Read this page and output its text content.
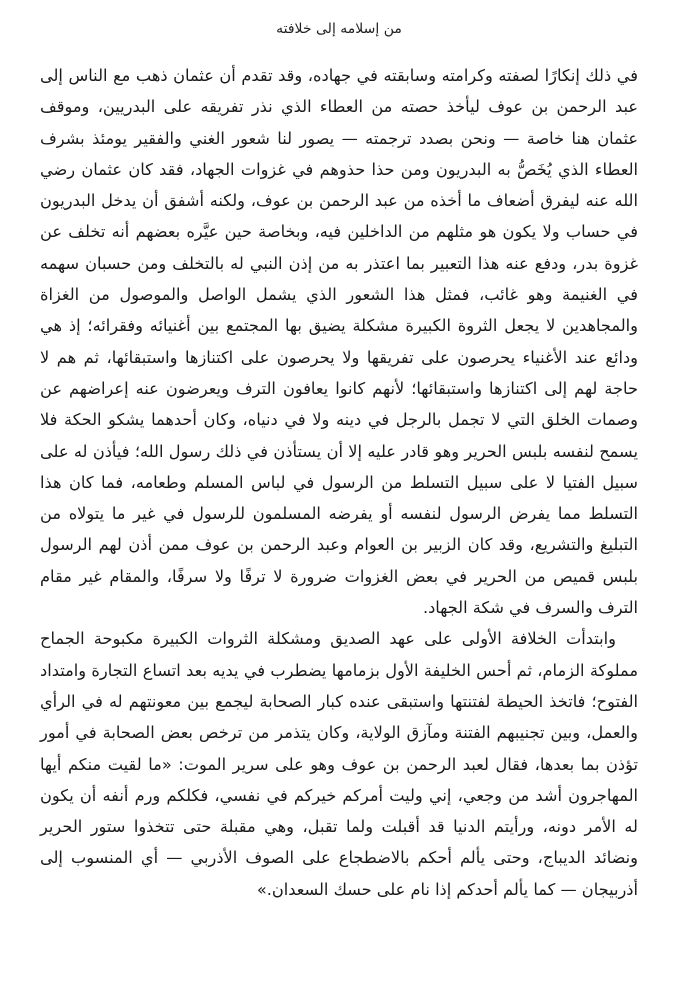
من إسلامه إلى خلافته

في ذلك إنكارًا لصفته وكرامته وسابقته في جهاده، وقد تقدم أن عثمان ذهب مع الناس إلى عبد الرحمن بن عوف ليأخذ حصته من العطاء الذي نذر تفريقه على البدريين، وموقف عثمان هنا خاصة — ونحن بصدد ترجمته — يصور لنا شعور الغني والفقير يومئذ بشرف العطاء الذي يُخَصُّ به البدريون ومن حذا حذوهم في غزوات الجهاد، فقد كان عثمان رضي الله عنه ليفرق أضعاف ما أخذه من عبد الرحمن بن عوف، ولكنه أشفق أن يدخل البدريون في حساب ولا يكون هو مثلهم من الداخلين فيه، وبخاصة حين عيَّره بعضهم أنه تخلف عن غزوة بدر، ودفع عنه هذا التعبير بما اعتذر به من إذن النبي له بالتخلف ومن حسبان سهمه في الغنيمة وهو غائب، فمثل هذا الشعور الذي يشمل الواصل والموصول من الغزاة والمجاهدين لا يجعل الثروة الكبيرة مشكلة يضيق بها المجتمع بين أغنيائه وفقرائه؛ إذ هي ودائع عند الأغنياء يحرصون على تفريقها ولا يحرصون على اكتنازها واستبقائها، ثم هم لا حاجة لهم إلى اكتنازها واستبقائها؛ لأنهم كانوا يعافون الترف ويعرضون عنه إعراضهم عن وصمات الخلق التي لا تجمل بالرجل في دينه ولا في دنياه، وكان أحدهما يشكو الحكة فلا يسمح لنفسه بلبس الحرير وهو قادر عليه إلا أن يستأذن في ذلك رسول الله؛ فيأذن له على سبيل الفتيا لا على سبيل التسلط من الرسول في لباس المسلم وطعامه، فما كان هذا التسلط مما يفرض الرسول لنفسه أو يفرضه المسلمون للرسول في غير ما يتولاه من التبليغ والتشريع، وقد كان الزبير بن العوام وعبد الرحمن بن عوف ممن أذن لهم الرسول بلبس قميص من الحرير في بعض الغزوات ضرورة لا ترفًا ولا سرفًا، والمقام غير مقام الترف والسرف في شكة الجهاد.

وابتدأت الخلافة الأولى على عهد الصديق ومشكلة الثروات الكبيرة مكبوحة الجماح مملوكة الزمام، ثم أحس الخليفة الأول بزمامها يضطرب في يديه بعد اتساع التجارة وامتداد الفتوح؛ فاتخذ الحيطة لفتنتها واستبقى عنده كبار الصحابة ليجمع بين معونتهم له في الرأي والعمل، وبين تجنيبهم الفتنة ومآزق الولاية، وكان يتذمر من ترخص بعض الصحابة في أمور تؤذن بما بعدها، فقال لعبد الرحمن بن عوف وهو على سرير الموت: «ما لقيت منكم أيها المهاجرون أشد من وجعي، إني وليت أمركم خيركم في نفسي، فكلكم ورم أنفه أن يكون له الأمر دونه، ورأيتم الدنيا قد أقبلت ولما تقبل، وهي مقبلة حتى تتخذوا ستور الحرير ونضائد الديباج، وحتى يألم أحكم بالاضطجاع على الصوف الأذربي — أي المنسوب إلى أذربيجان — كما يألم أحدكم إذا نام على حسك السعدان.»
